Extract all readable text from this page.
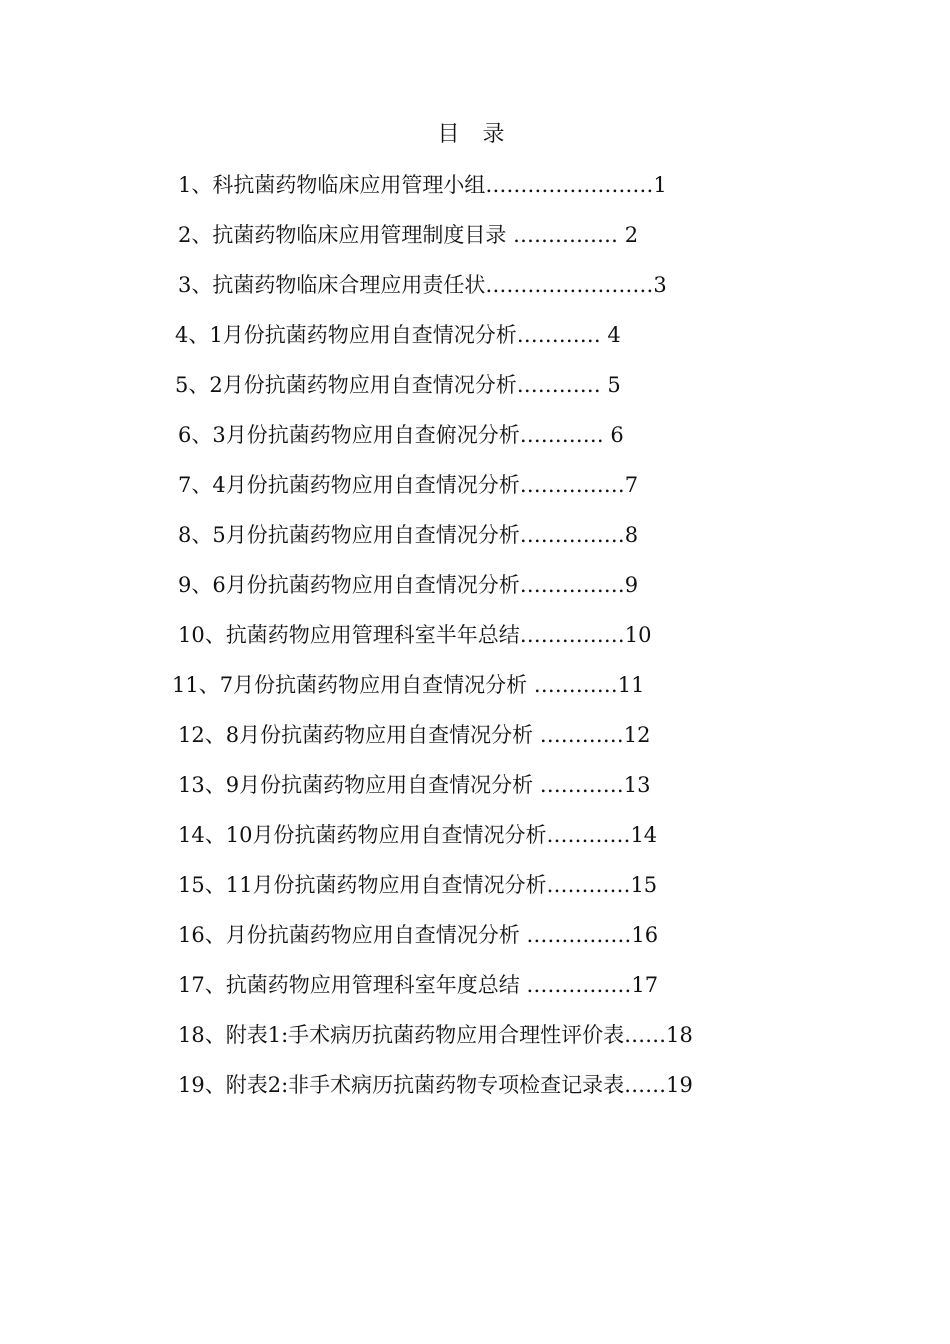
目 录
1、科抗菌药物临床应用管理小组……………………1
2、抗菌药物临床应用管理制度目录 …………… 2
3、抗菌药物临床合理应用责任状……………………3
4、1月份抗菌药物应用自查情况分析………… 4
5、2月份抗菌药物应用自查情况分析………… 5
6、3月份抗菌药物应用自查俯况分析………… 6
7、4月份抗菌药物应用自查情况分析……………7
8、5月份抗菌药物应用自查情况分析……………8
9、6月份抗菌药物应用自查情况分析……………9
10、抗菌药物应用管理科室半年总结……………10
11、7月份抗菌药物应用自查情况分析 …………11
12、8月份抗菌药物应用自查情况分析 …………12
13、9月份抗菌药物应用自查情况分析 …………13
14、10月份抗菌药物应用自查情况分析…………14
15、11月份抗菌药物应用自查情况分析…………15
16、月份抗菌药物应用自查情况分析 ……………16
17、抗菌药物应用管理科室年度总结 ……………17
18、附表1:手术病历抗菌药物应用合理性评价表……18
19、附表2:非手术病历抗菌药物专项检查记录表……19
